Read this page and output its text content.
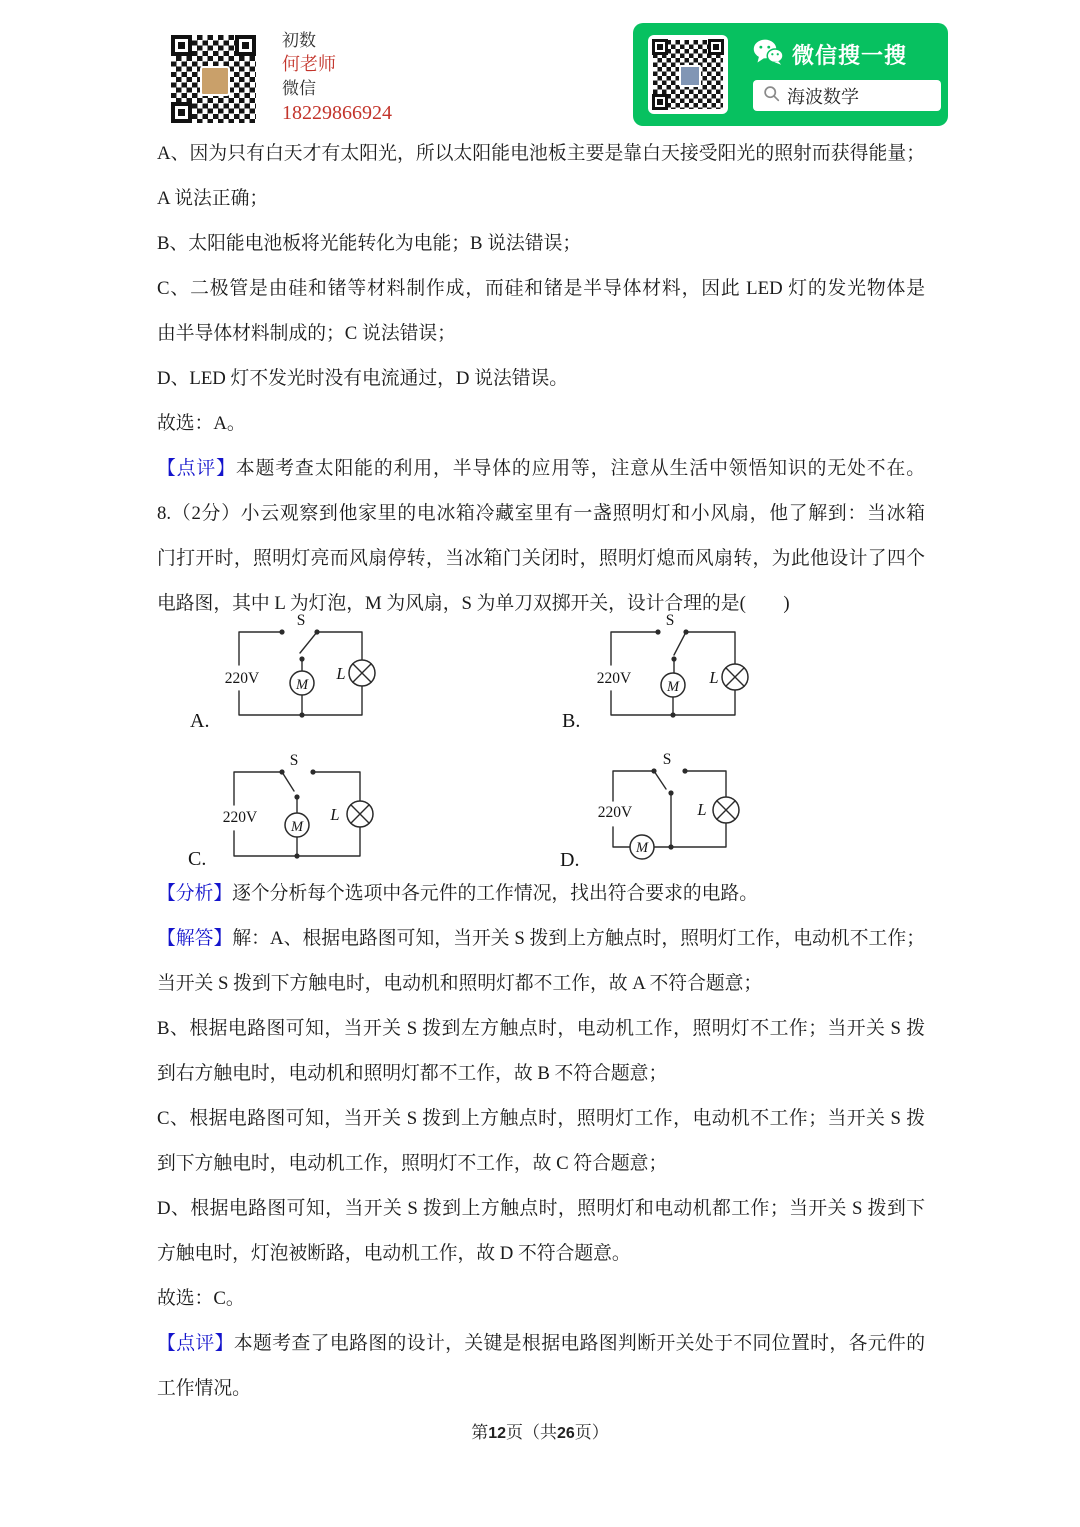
初数
何老师
微信
18229866924
微信搜一搜
海波数学
A、因为只有白天才有太阳光，所以太阳能电池板主要是靠白天接受阳光的照射而获得能量；
A 说法正确；
B、太阳能电池板将光能转化为电能；B 说法错误；
C、二极管是由硅和锗等材料制作成，而硅和锗是半导体材料，因此 LED 灯的发光物体是
由半导体材料制成的；C 说法错误；
D、LED 灯不发光时没有电流通过，D 说法错误。
故选：A。
【点评】本题考查太阳能的利用，半导体的应用等，注意从生活中领悟知识的无处不在。
8.（2分）小云观察到他家里的电冰箱冷藏室里有一盏照明灯和小风扇，他了解到：当冰箱
门打开时，照明灯亮而风扇停转，当冰箱门关闭时，照明灯熄而风扇转，为此他设计了四个
电路图，其中 L 为灯泡，M 为风扇，S 为单刀双掷开关，设计合理的是(　　)
S
220V	L
M
A.
S
220V	L
M
B.
S
220V	L
M
C.
S
220V	L
M
D.
【分析】逐个分析每个选项中各元件的工作情况，找出符合要求的电路。
【解答】解：A、根据电路图可知，当开关 S 拨到上方触点时，照明灯工作，电动机不工作；
当开关 S 拨到下方触电时，电动机和照明灯都不工作，故 A 不符合题意；
B、根据电路图可知，当开关 S 拨到左方触点时，电动机工作，照明灯不工作；当开关 S 拨
到右方触电时，电动机和照明灯都不工作，故 B 不符合题意；
C、根据电路图可知，当开关 S 拨到上方触点时，照明灯工作，电动机不工作；当开关 S 拨
到下方触电时，电动机工作，照明灯不工作，故 C 符合题意；
D、根据电路图可知，当开关 S 拨到上方触点时，照明灯和电动机都工作；当开关 S 拨到下
方触电时，灯泡被断路，电动机工作，故 D 不符合题意。
故选：C。
【点评】本题考查了电路图的设计，关键是根据电路图判断开关处于不同位置时，各元件的
工作情况。
第12页（共26页）
